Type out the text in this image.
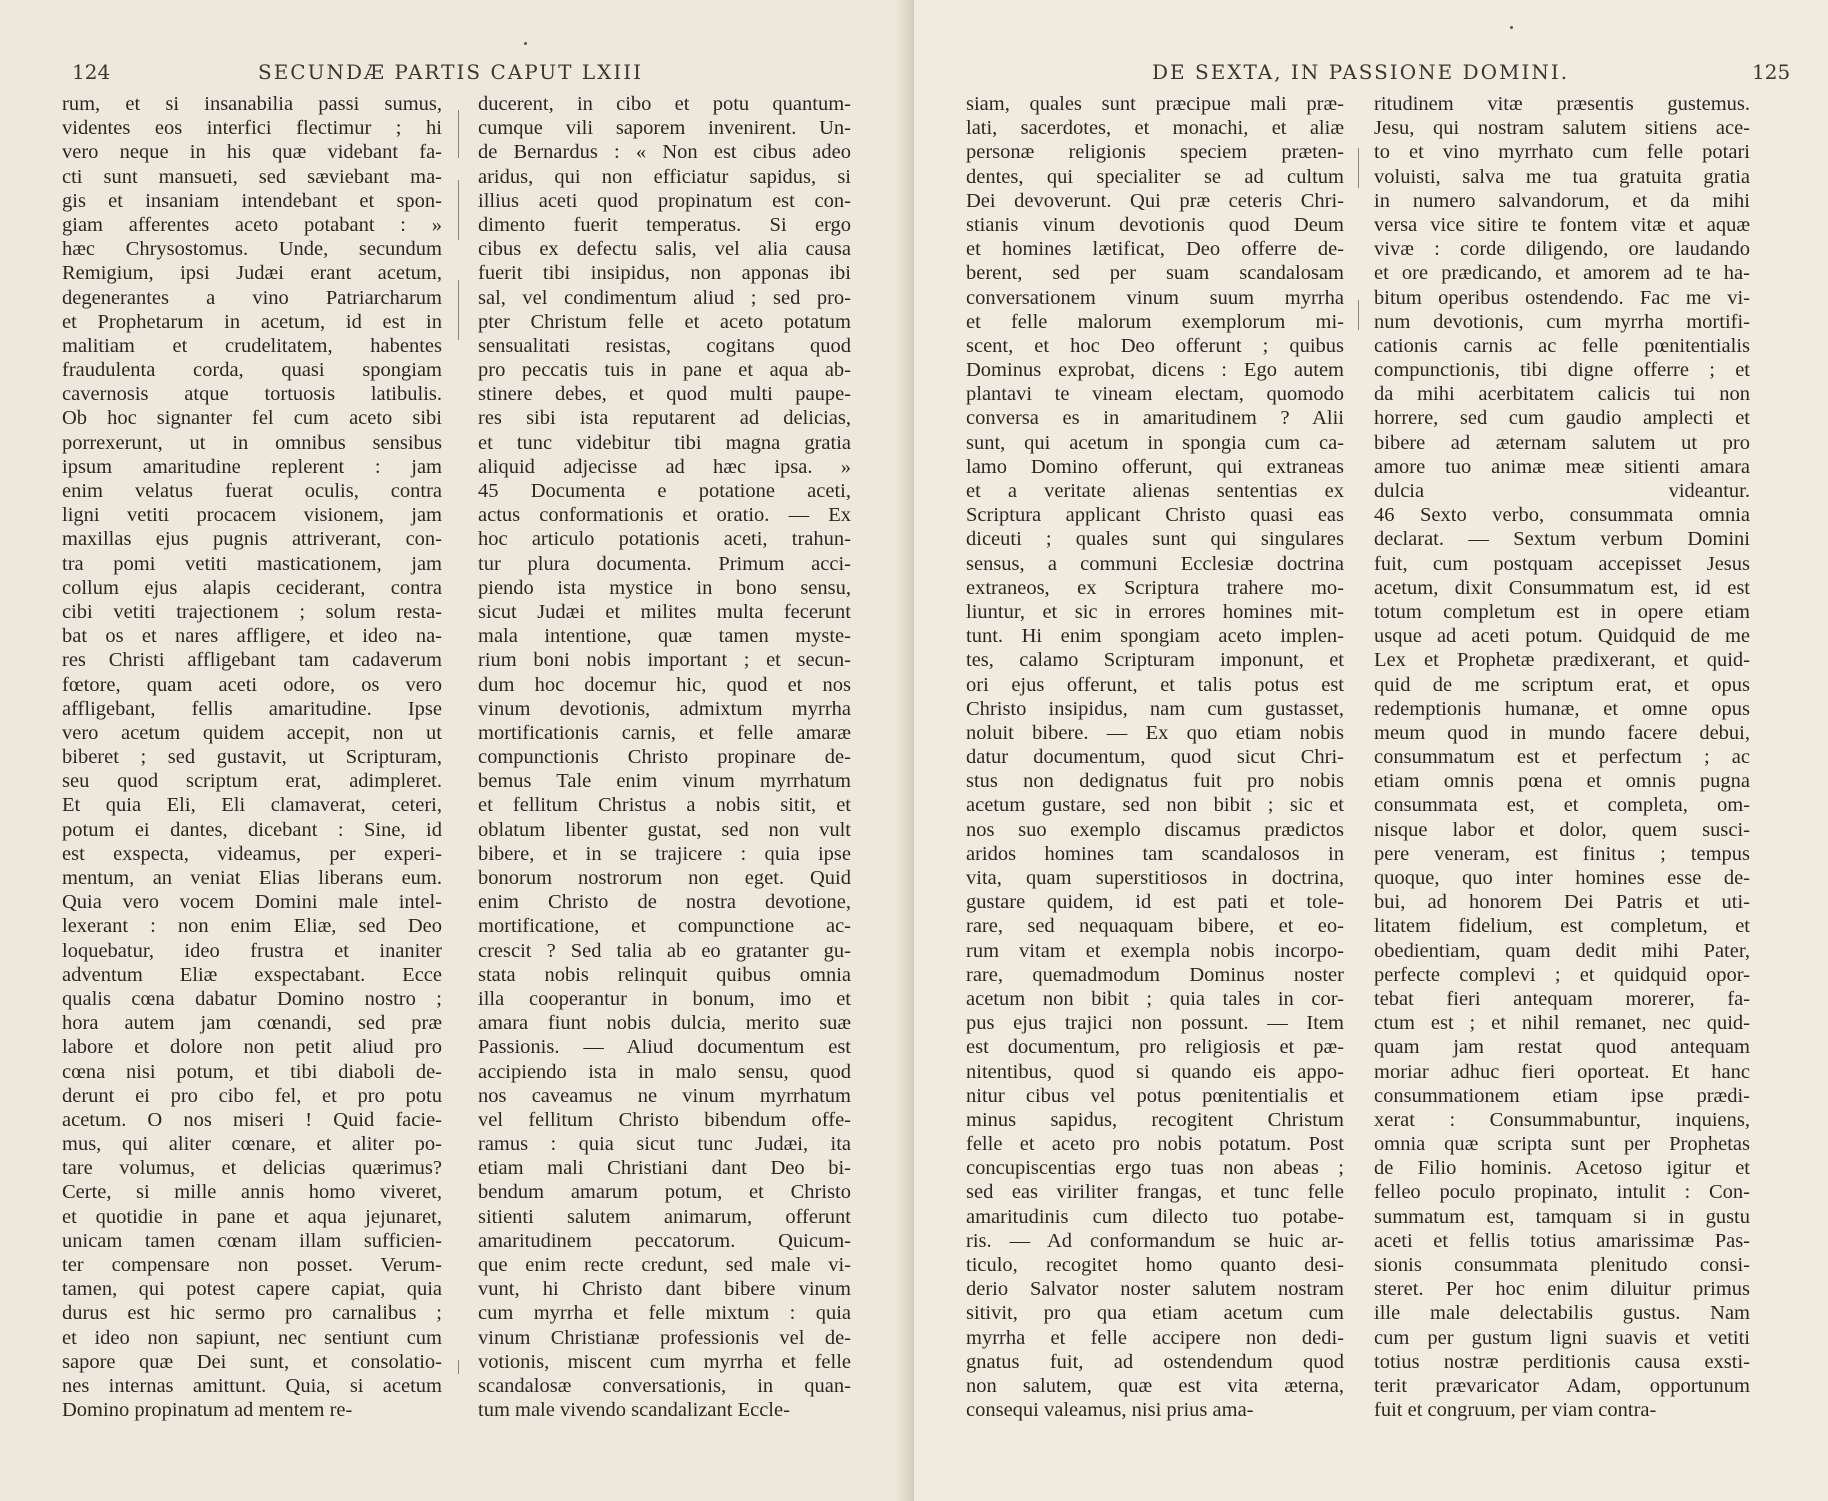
124	SECUNDÆ PARTIS CAPUT LXIII
rum, et si insanabilia passi sumus,
videntes eos interfici flectimur ; hi
vero neque in his quæ videbant fa-
cti sunt mansueti, sed sæviebant ma-
gis et insaniam intendebant et spon-
giam afferentes aceto potabant : »
hæc Chrysostomus. Unde, secundum
Remigium, ipsi Judæi erant acetum,
degenerantes a vino Patriarcharum
et Prophetarum in acetum, id est in
malitiam et crudelitatem, habentes
fraudulenta corda, quasi spongiam
cavernosis atque tortuosis latibulis.
Ob hoc signanter fel cum aceto sibi
porrexerunt, ut in omnibus sensibus
ipsum amaritudine replerent : jam
enim velatus fuerat oculis, contra
ligni vetiti procacem visionem, jam
maxillas ejus pugnis attriverant, con-
tra pomi vetiti masticationem, jam
collum ejus alapis ceciderant, contra
cibi vetiti trajectionem ; solum resta-
bat os et nares affligere, et ideo na-
res Christi affligebant tam cadaverum
fœtore, quam aceti odore, os vero
affligebant, fellis amaritudine. Ipse
vero acetum quidem accepit, non ut
biberet ; sed gustavit, ut Scripturam,
seu quod scriptum erat, adimpleret.
Et quia Eli, Eli clamaverat, ceteri,
potum ei dantes, dicebant : Sine, id
est exspecta, videamus, per experi-
mentum, an veniat Elias liberans eum.
Quia vero vocem Domini male intel-
lexerant : non enim Eliæ, sed Deo
loquebatur, ideo frustra et inaniter
adventum Eliæ exspectabant. Ecce
qualis cœna dabatur Domino nostro ;
hora autem jam cœnandi, sed præ
labore et dolore non petit aliud pro
cœna nisi potum, et tibi diaboli de-
derunt ei pro cibo fel, et pro potu
acetum. O nos miseri ! Quid facie-
mus, qui aliter cœnare, et aliter po-
tare volumus, et delicias quærimus?
Certe, si mille annis homo viveret,
et quotidie in pane et aqua jejunaret,
unicam tamen cœnam illam sufficien-
ter compensare non posset. Verum-
tamen, qui potest capere capiat, quia
durus est hic sermo pro carnalibus ;
et ideo non sapiunt, nec sentiunt cum
sapore quæ Dei sunt, et consolatio-
nes internas amittunt. Quia, si acetum
Domino propinatum ad mentem re-
ducerent, in cibo et potu quantum-
cumque vili saporem invenirent. Un-
de Bernardus : « Non est cibus adeo
aridus, qui non efficiatur sapidus, si
illius aceti quod propinatum est con-
dimento fuerit temperatus. Si ergo
cibus ex defectu salis, vel alia causa
fuerit tibi insipidus, non apponas ibi
sal, vel condimentum aliud ; sed pro-
pter Christum felle et aceto potatum
sensualitati resistas, cogitans quod
pro peccatis tuis in pane et aqua ab-
stinere debes, et quod multi paupe-
res sibi ista reputarent ad delicias,
et tunc videbitur tibi magna gratia
aliquid adjecisse ad hæc ipsa. »
45 Documenta e potatione aceti,
actus conformationis et oratio. — Ex
hoc articulo potationis aceti, trahun-
tur plura documenta. Primum acci-
piendo ista mystice in bono sensu,
sicut Judæi et milites multa fecerunt
mala intentione, quæ tamen myste-
rium boni nobis important ; et secun-
dum hoc docemur hic, quod et nos
vinum devotionis, admixtum myrrha
mortificationis carnis, et felle amaræ
compunctionis Christo propinare de-
bemus Tale enim vinum myrrhatum
et fellitum Christus a nobis sitit, et
oblatum libenter gustat, sed non vult
bibere, et in se trajicere : quia ipse
bonorum nostrorum non eget. Quid
enim Christo de nostra devotione,
mortificatione, et compunctione ac-
crescit ? Sed talia ab eo gratanter gu-
stata nobis relinquit quibus omnia
illa cooperantur in bonum, imo et
amara fiunt nobis dulcia, merito suæ
Passionis. — Aliud documentum est
accipiendo ista in malo sensu, quod
nos caveamus ne vinum myrrhatum
vel fellitum Christo bibendum offe-
ramus : quia sicut tunc Judæi, ita
etiam mali Christiani dant Deo bi-
bendum amarum potum, et Christo
sitienti salutem animarum, offerunt
amaritudinem peccatorum. Quicum-
que enim recte credunt, sed male vi-
vunt, hi Christo dant bibere vinum
cum myrrha et felle mixtum : quia
vinum Christianæ professionis vel de-
votionis, miscent cum myrrha et felle
scandalosæ conversationis, in quan-
tum male vivendo scandalizant Eccle-
DE SEXTA, IN PASSIONE DOMINI.	125
siam, quales sunt præcipue mali præ-
lati, sacerdotes, et monachi, et aliæ
personæ religionis speciem præten-
dentes, qui specialiter se ad cultum
Dei devoverunt. Qui præ ceteris Chri-
stianis vinum devotionis quod Deum
et homines lætificat, Deo offerre de-
berent, sed per suam scandalosam
conversationem vinum suum myrrha
et felle malorum exemplorum mi-
scent, et hoc Deo offerunt ; quibus
Dominus exprobat, dicens : Ego autem
plantavi te vineam electam, quomodo
conversa es in amaritudinem ? Alii
sunt, qui acetum in spongia cum ca-
lamo Domino offerunt, qui extraneas
et a veritate alienas sententias ex
Scriptura applicant Christo quasi eas
diceuti ; quales sunt qui singulares
sensus, a communi Ecclesiæ doctrina
extraneos, ex Scriptura trahere mo-
liuntur, et sic in errores homines mit-
tunt. Hi enim spongiam aceto implen-
tes, calamo Scripturam imponunt, et
ori ejus offerunt, et talis potus est
Christo insipidus, nam cum gustasset,
noluit bibere. — Ex quo etiam nobis
datur documentum, quod sicut Chri-
stus non dedignatus fuit pro nobis
acetum gustare, sed non bibit ; sic et
nos suo exemplo discamus prædictos
aridos homines tam scandalosos in
vita, quam superstitiosos in doctrina,
gustare quidem, id est pati et tole-
rare, sed nequaquam bibere, et eo-
rum vitam et exempla nobis incorpo-
rare, quemadmodum Dominus noster
acetum non bibit ; quia tales in cor-
pus ejus trajici non possunt. — Item
est documentum, pro religiosis et pæ-
nitentibus, quod si quando eis appo-
nitur cibus vel potus pœnitentialis et
minus sapidus, recogitent Christum
felle et aceto pro nobis potatum. Post
concupiscentias ergo tuas non abeas ;
sed eas viriliter frangas, et tunc felle
amaritudinis cum dilecto tuo potabe-
ris. — Ad conformandum se huic ar-
ticulo, recogitet homo quanto desi-
derio Salvator noster salutem nostram
sitivit, pro qua etiam acetum cum
myrrha et felle accipere non dedi-
gnatus fuit, ad ostendendum quod
non salutem, quæ est vita æterna,
consequi valeamus, nisi prius ama-
ritudinem vitæ præsentis gustemus.
Jesu, qui nostram salutem sitiens ace-
to et vino myrrhato cum felle potari
voluisti, salva me tua gratuita gratia
in numero salvandorum, et da mihi
versa vice sitire te fontem vitæ et aquæ
vivæ : corde diligendo, ore laudando
et ore prædicando, et amorem ad te ha-
bitum operibus ostendendo. Fac me vi-
num devotionis, cum myrrha mortifi-
cationis carnis ac felle pœnitentialis
compunctionis, tibi digne offerre ; et
da mihi acerbitatem calicis tui non
horrere, sed cum gaudio amplecti et
bibere ad æternam salutem ut pro
amore tuo animæ meæ sitienti amara
dulcia videantur.
46 Sexto verbo, consummata omnia
declarat. — Sextum verbum Domini
fuit, cum postquam accepisset Jesus
acetum, dixit Consummatum est, id est
totum completum est in opere etiam
usque ad aceti potum. Quidquid de me
Lex et Prophetæ prædixerant, et quid-
quid de me scriptum erat, et opus
redemptionis humanæ, et omne opus
meum quod in mundo facere debui,
consummatum est et perfectum ; ac
etiam omnis pœna et omnis pugna
consummata est, et completa, om-
nisque labor et dolor, quem susci-
pere veneram, est finitus ; tempus
quoque, quo inter homines esse de-
bui, ad honorem Dei Patris et uti-
litatem fidelium, est completum, et
obedientiam, quam dedit mihi Pater,
perfecte complevi ; et quidquid opor-
tebat fieri antequam morerer, fa-
ctum est ; et nihil remanet, nec quid-
quam jam restat quod antequam
moriar adhuc fieri oporteat. Et hanc
consummationem etiam ipse prædi-
xerat : Consummabuntur, inquiens,
omnia quæ scripta sunt per Prophetas
de Filio hominis. Acetoso igitur et
felleo poculo propinato, intulit : Con-
summatum est, tamquam si in gustu
aceti et fellis totius amarissimæ Pas-
sionis consummata plenitudo consi-
steret. Per hoc enim diluitur primus
ille male delectabilis gustus. Nam
cum per gustum ligni suavis et vetiti
totius nostræ perditionis causa exsti-
terit prævaricator Adam, opportunum
fuit et congruum, per viam contra-
